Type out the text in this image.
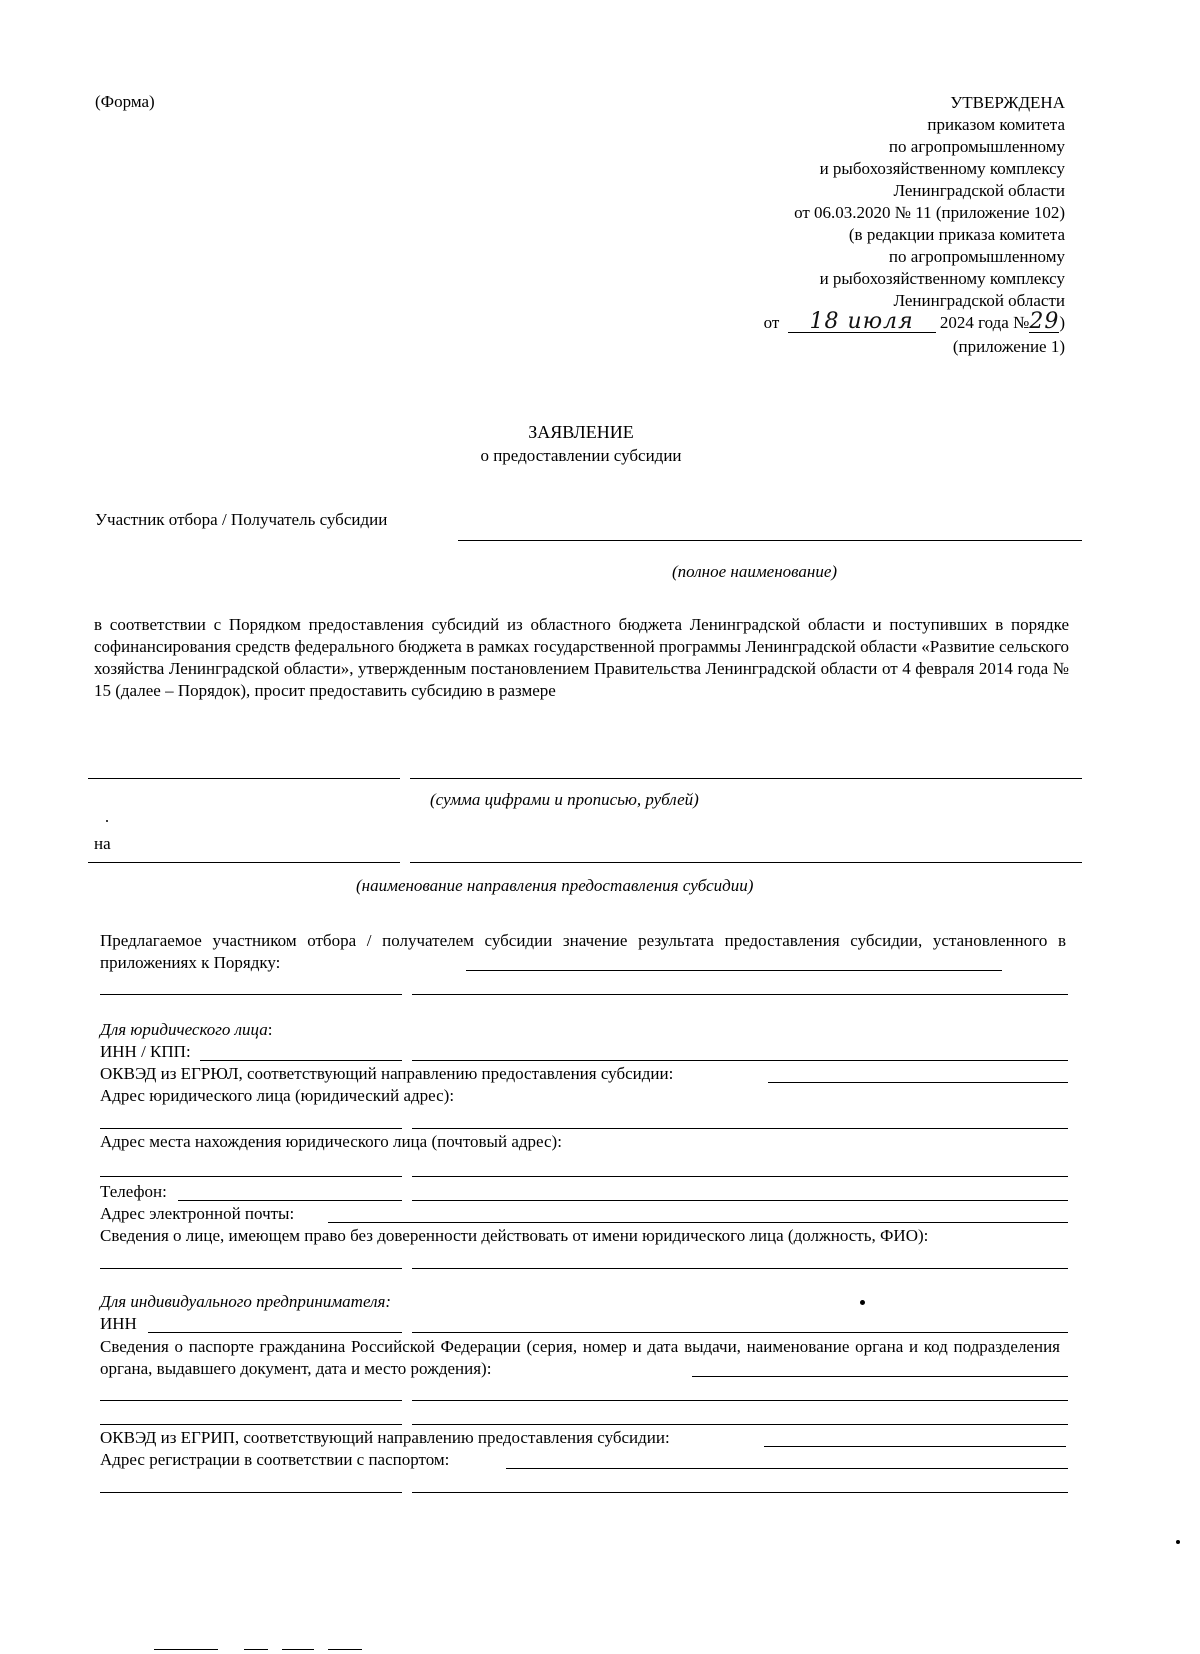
(Форма)	УТВЕРЖДЕНА
приказом комитета
по агропромышленному
и рыбохозяйственному комплексу
Ленинградской области
от 06.03.2020 № 11 (приложение 102)
(в редакции приказа комитета
по агропромышленному
и рыбохозяйственному комплексу
Ленинградской области
от 18 июля 2024 года №29)
(приложение 1)
ЗАЯВЛЕНИЕ
о предоставлении субсидии
Участник отбора / Получатель субсидии
(полное наименование)
в соответствии с Порядком предоставления субсидий из областного бюджета Ленинградской области и поступивших в порядке софинансирования средств федерального бюджета в рамках государственной программы Ленинградской области «Развитие сельского хозяйства Ленинградской области», утвержденным постановлением Правительства Ленинградской области от 4 февраля 2014 года № 15 (далее – Порядок), просит предоставить субсидию в размере
(сумма цифрами и прописью, рублей)
на
(наименование направления предоставления субсидии)
Предлагаемое участником отбора / получателем субсидии значение результата предоставления субсидии, установленного в приложениях к Порядку:
Для юридического лица:
ИНН / КПП:
ОКВЭД из ЕГРЮЛ, соответствующий направлению предоставления субсидии:
Адрес юридического лица (юридический адрес):
Адрес места нахождения юридического лица (почтовый адрес):
Телефон:
Адрес электронной почты:
Сведения о лице, имеющем право без доверенности действовать от имени юридического лица (должность, ФИО):
Для индивидуального предпринимателя:
ИНН
Сведения о паспорте гражданина Российской Федерации (серия, номер и дата выдачи, наименование органа и код подразделения органа, выдавшего документ, дата и место рождения):
ОКВЭД из ЕГРИП, соответствующий направлению предоставления субсидии:
Адрес регистрации в соответствии с паспортом:
